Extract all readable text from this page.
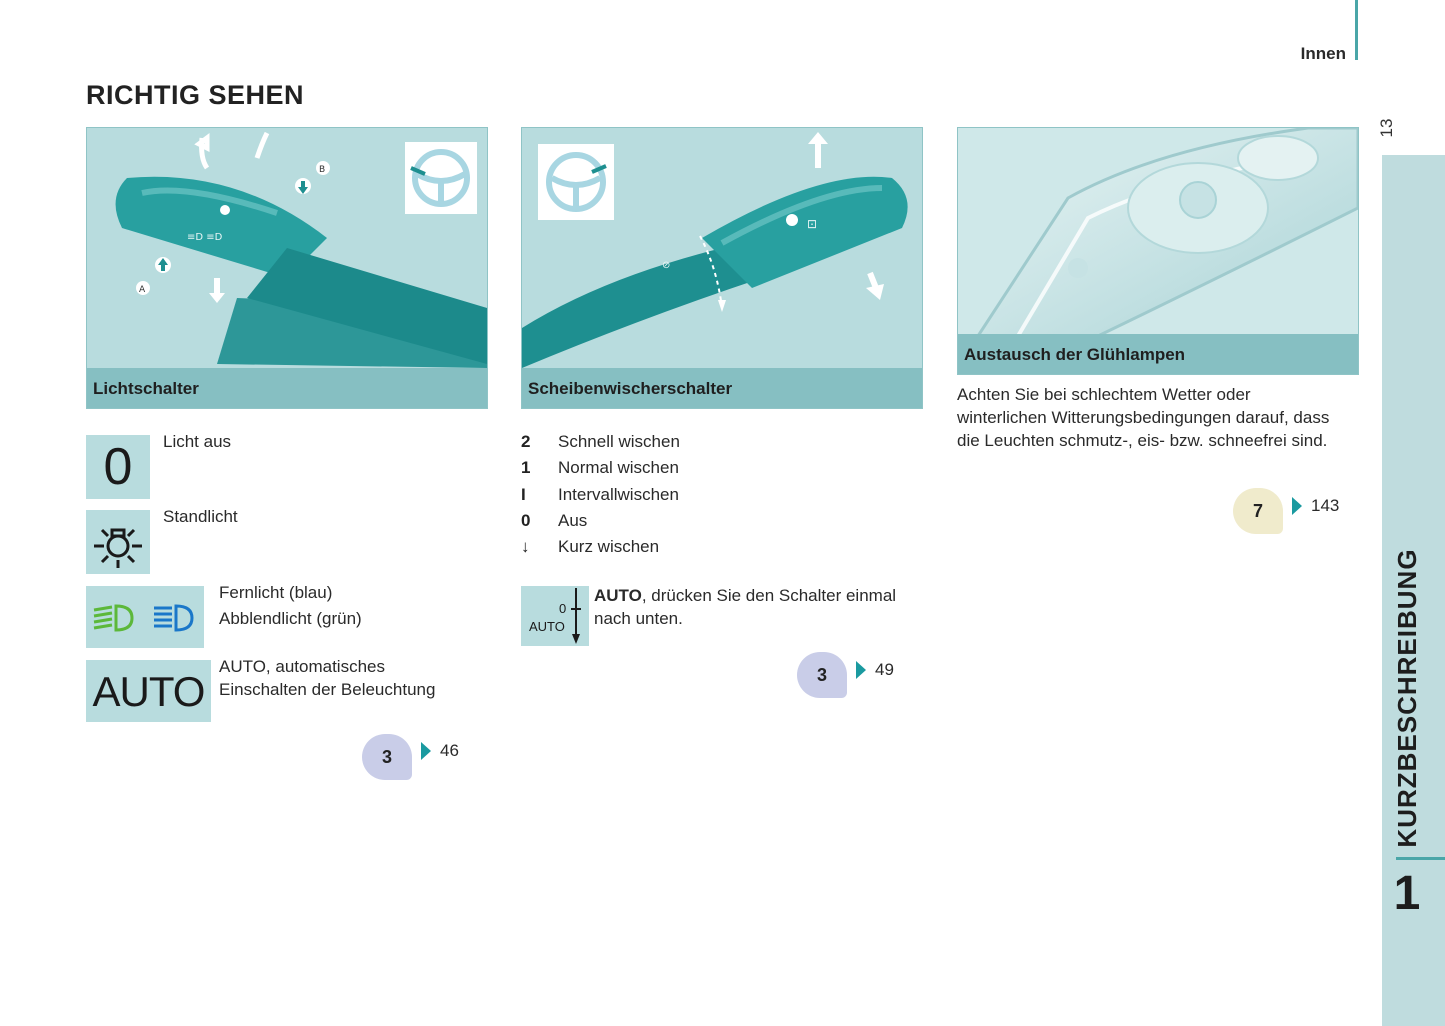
Innen
RICHTIG SEHEN
13
KURZBESCHREIBUNG
1
≡D ≡D
A
B
Lichtschalter
⊡
⊘
Scheibenwischerschalter
Austausch der Glühlampen
0	Licht aus
Standlicht
Fernlicht (blau)
Abblendlicht (grün)
AUTO
AUTO, automatisches
Einschalten der Beleuchtung
3	46
2	Schnell wischen
1	Normal wischen
I	Intervallwischen
0	Aus
↓	Kurz wischen
0
AUTO
AUTO, drücken Sie den Schalter einmal
nach unten.
3	49
Achten Sie bei schlechtem Wetter oder
winterlichen Witterungsbedingungen darauf, dass
die Leuchten schmutz-, eis- bzw. schneefrei sind.
7	143
